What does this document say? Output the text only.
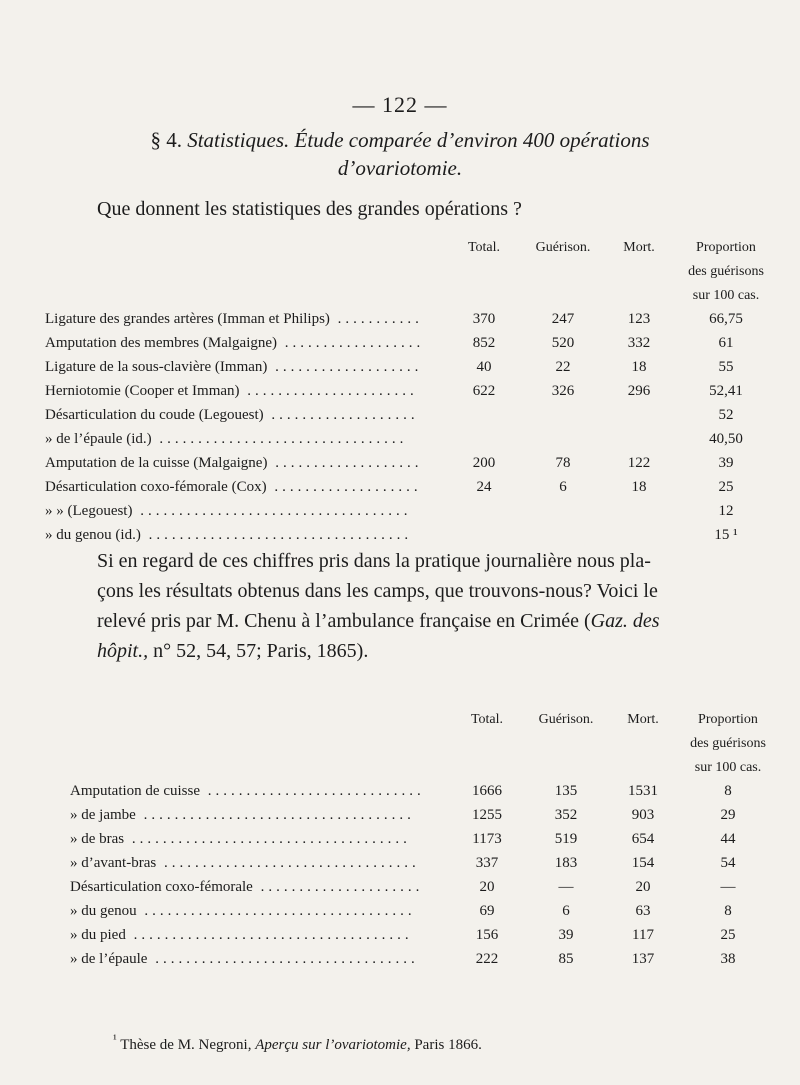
— 122 —
§ 4. Statistiques. Étude comparée d’environ 400 opérations
d’ovariotomie.
Que donnent les statistiques des grandes opérations ?
	Total.	Guérison.	Mort.	Proportion
				des guérisons
				sur 100 cas.
Ligature des grandes artères (Imman et Philips) ...........	370	247	123	66,75
Amputation des membres (Malgaigne) ..................	852	520	332	61
Ligature de la sous-clavière (Imman) ...................	40	22	18	55
Herniotomie (Cooper et Imman) ......................	622	326	296	52,41
Désarticulation du coude (Legouest) ...................				52
» de l’épaule (id.) ................................				40,50
Amputation de la cuisse (Malgaigne) ...................	200	78	122	39
Désarticulation coxo-fémorale (Cox) ...................	24	6	18	25
» » (Legouest) ...................................				12
» du genou (id.) ..................................				15 ¹
Si en regard de ces chiffres pris dans la pratique journalière nous pla-
çons les résultats obtenus dans les camps, que trouvons-nous? Voici le
relevé pris par M. Chenu à l’ambulance française en Crimée (Gaz. des
hôpit., n° 52, 54, 57; Paris, 1865).
	Total.	Guérison.	Mort.	Proportion
				des guérisons
				sur 100 cas.
Amputation de cuisse ............................	1666	135	1531	8
» de jambe ...................................	1255	352	903	29
» de bras ....................................	1173	519	654	44
» d’avant-bras .................................	337	183	154	54
Désarticulation coxo-fémorale .....................	20	—	20	—
» du genou ...................................	69	6	63	8
» du pied ....................................	156	39	117	25
» de l’épaule ..................................	222	85	137	38
$^{^1}$ Thèse de M. Negroni, Aperçu sur l’ovariotomie, Paris 1866.
